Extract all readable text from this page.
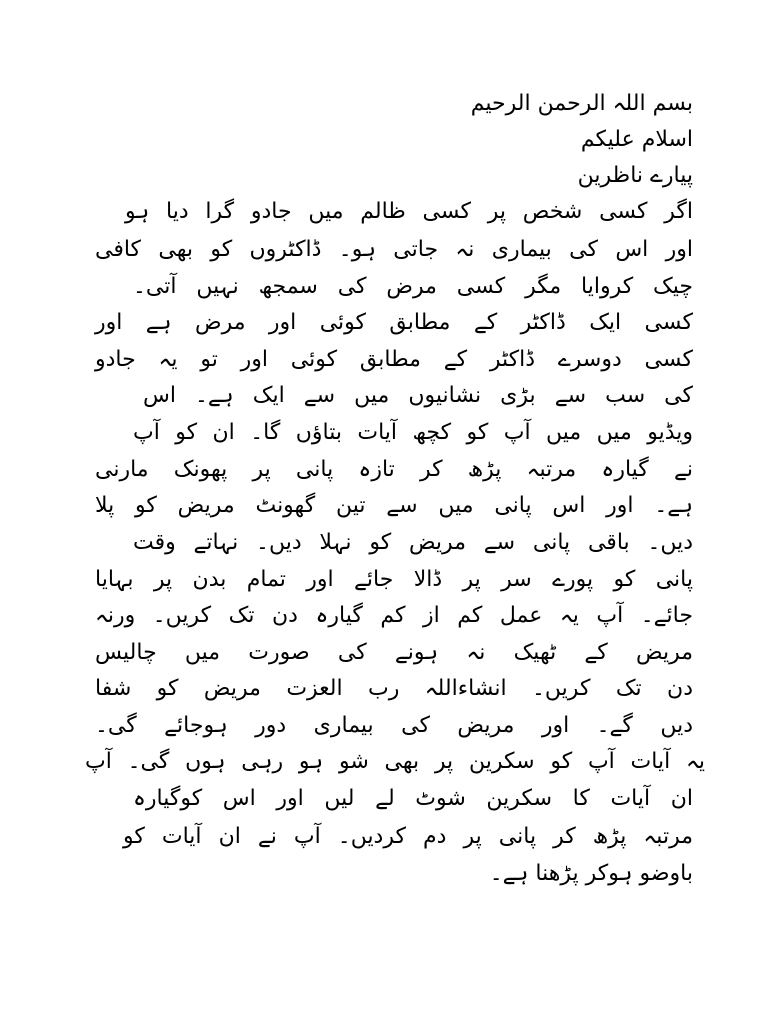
بسم اللہ الرحمن الرحیم
اسلام علیکم
پیارے ناظرین
اگر کسی شخص پر کسی ظالم میں جادو گرا دیا ہو
اور اس کی بیماری نہ جاتی ہو۔ ڈاکٹروں کو بھی کافی
چیک کروایا مگر کسی مرض کی سمجھ نہیں آتی۔
کسی ایک ڈاکٹر کے مطابق کوئی اور مرض ہے اور
کسی دوسرے ڈاکٹر کے مطابق کوئی اور تو یہ جادو
کی سب سے بڑی نشانیوں میں سے ایک ہے۔ اس
ویڈیو میں میں آپ کو کچھ آیات بتاؤں گا۔ ان کو آپ
نے گیارہ مرتبہ پڑھ کر تازہ پانی پر پھونک مارنی
ہے۔ اور اس پانی میں سے تین گھونٹ مریض کو پلا
دیں۔ باقی پانی سے مریض کو نہلا دیں۔ نہاتے وقت
پانی کو پورے سر پر ڈالا جائے اور تمام بدن پر بہایا
جائے۔ آپ یہ عمل کم از کم گیارہ دن تک کریں۔ ورنہ
مریض کے ٹھیک نہ ہونے کی صورت میں چالیس
دن تک کریں۔ انشاءاللہ رب العزت مریض کو شفا
دیں گے۔ اور مریض کی بیماری دور ہوجائے گی۔
یہ آیات آپ کو سکرین پر بھی شو ہو رہی ہوں گی۔ آپ
ان آیات کا سکرین شوٹ لے لیں اور اس کوگیارہ
مرتبہ پڑھ کر پانی پر دم کردیں۔ آپ نے ان آیات کو
باوضو ہوکر پڑھنا ہے۔
